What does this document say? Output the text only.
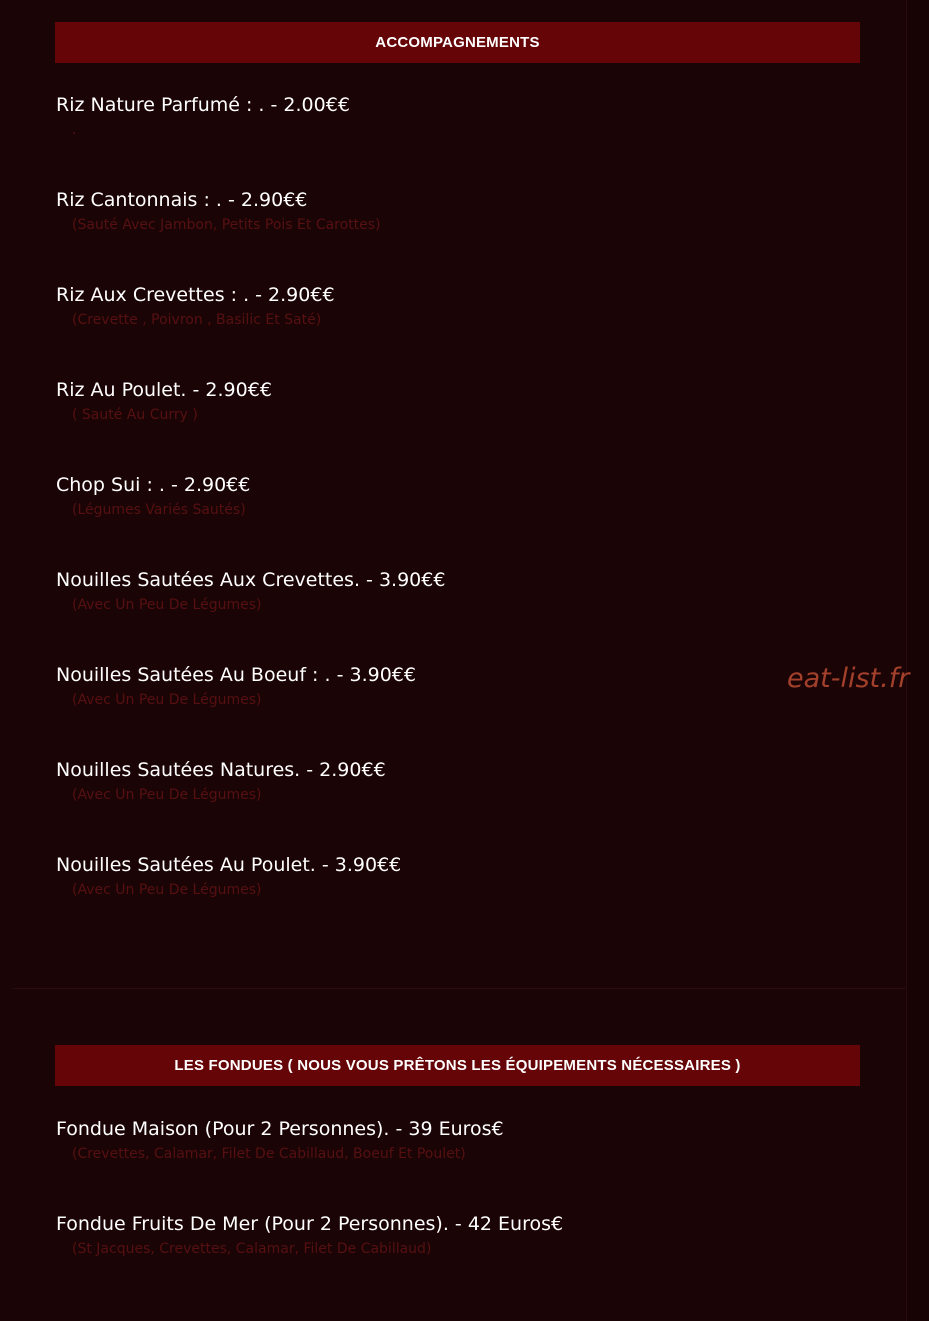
ACCOMPAGNEMENTS
Riz Nature Parfumé : . - 2.00€€
.
Riz Cantonnais : . - 2.90€€
(Sauté Avec Jambon, Petits Pois Et Carottes)
Riz Aux Crevettes : . - 2.90€€
(Crevette , Poivron , Basilic Et Saté)
Riz Au Poulet. - 2.90€€
( Sauté Au Curry )
Chop Sui : . - 2.90€€
(Légumes Variés Sautés)
Nouilles Sautées Aux Crevettes. - 3.90€€
(Avec Un Peu De Légumes)
Nouilles Sautées Au Boeuf : . - 3.90€€
(Avec Un Peu De Légumes)
Nouilles Sautées Natures. - 2.90€€
(Avec Un Peu De Légumes)
Nouilles Sautées Au Poulet. - 3.90€€
(Avec Un Peu De Légumes)
eat-list.fr
LES FONDUES ( NOUS VOUS PRÊTONS LES ÉQUIPEMENTS NÉCESSAIRES )
Fondue Maison (Pour 2 Personnes). - 39 Euros€
(Crevettes, Calamar, Filet De Cabillaud, Boeuf Et Poulet)
Fondue Fruits De Mer (Pour 2 Personnes). - 42 Euros€
(St Jacques, Crevettes, Calamar, Filet De Cabillaud)
